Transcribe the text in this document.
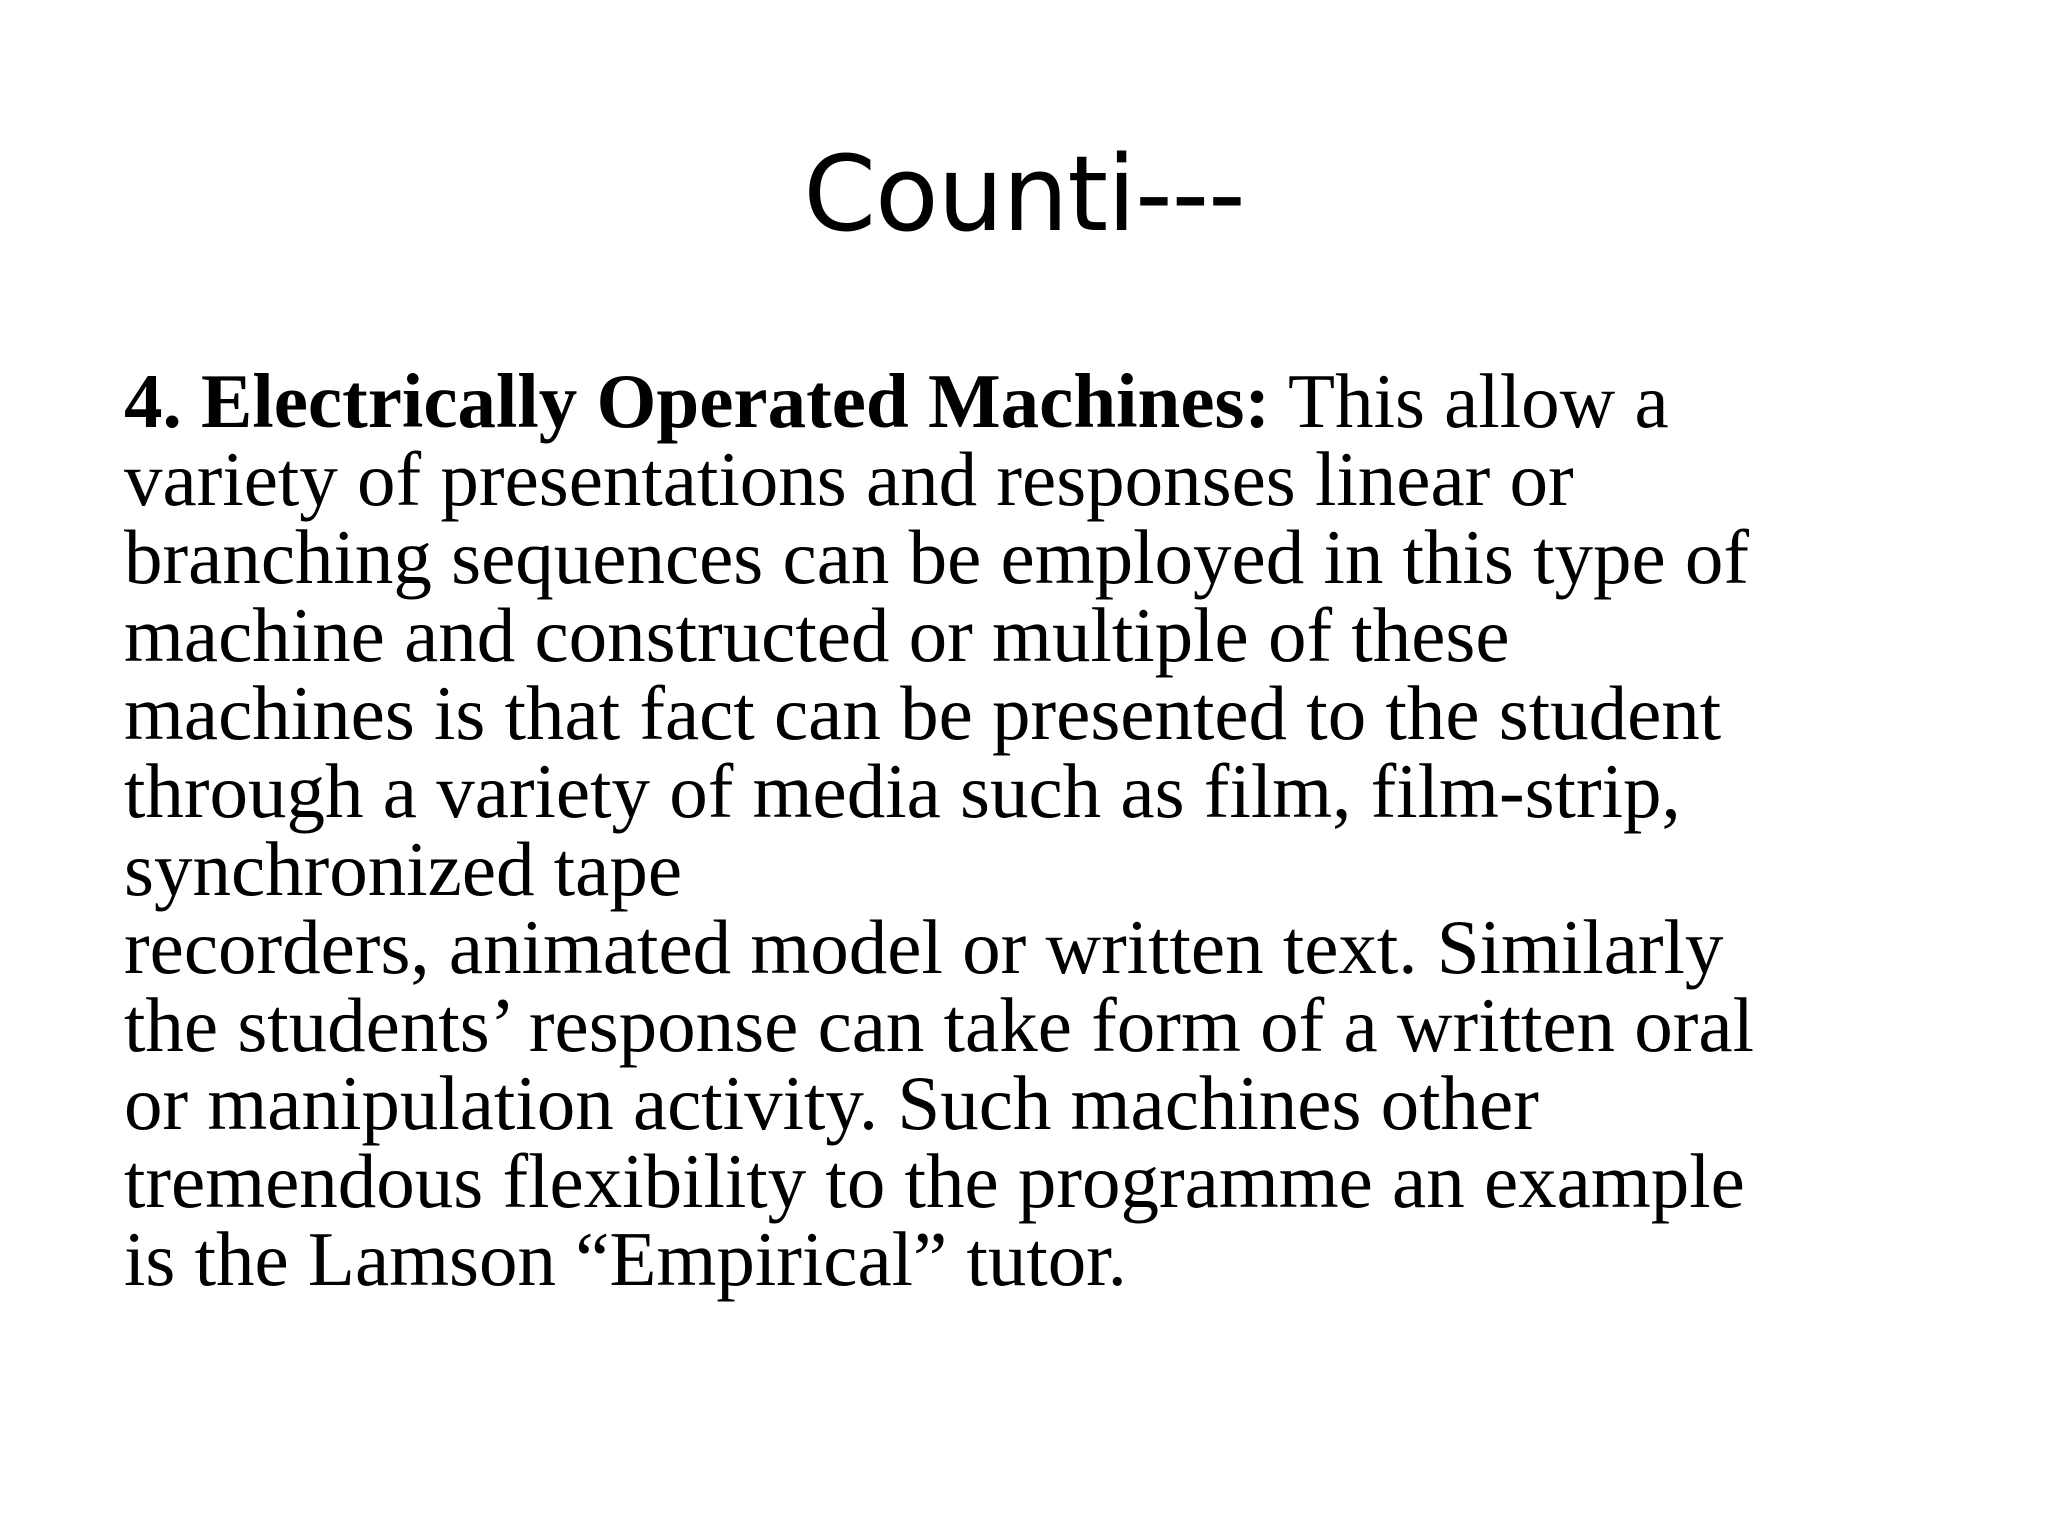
Counti---

4. Electrically Operated Machines: This allow a
variety of presentations and responses linear or
branching sequences can be employed in this type of
machine and constructed or multiple of these
machines is that fact can be presented to the student
through a variety of media such as film, film-strip,
synchronized tape
recorders, animated model or written text. Similarly
the students’ response can take form of a written oral
or manipulation activity. Such machines other
tremendous flexibility to the programme an example
is the Lamson “Empirical” tutor.
